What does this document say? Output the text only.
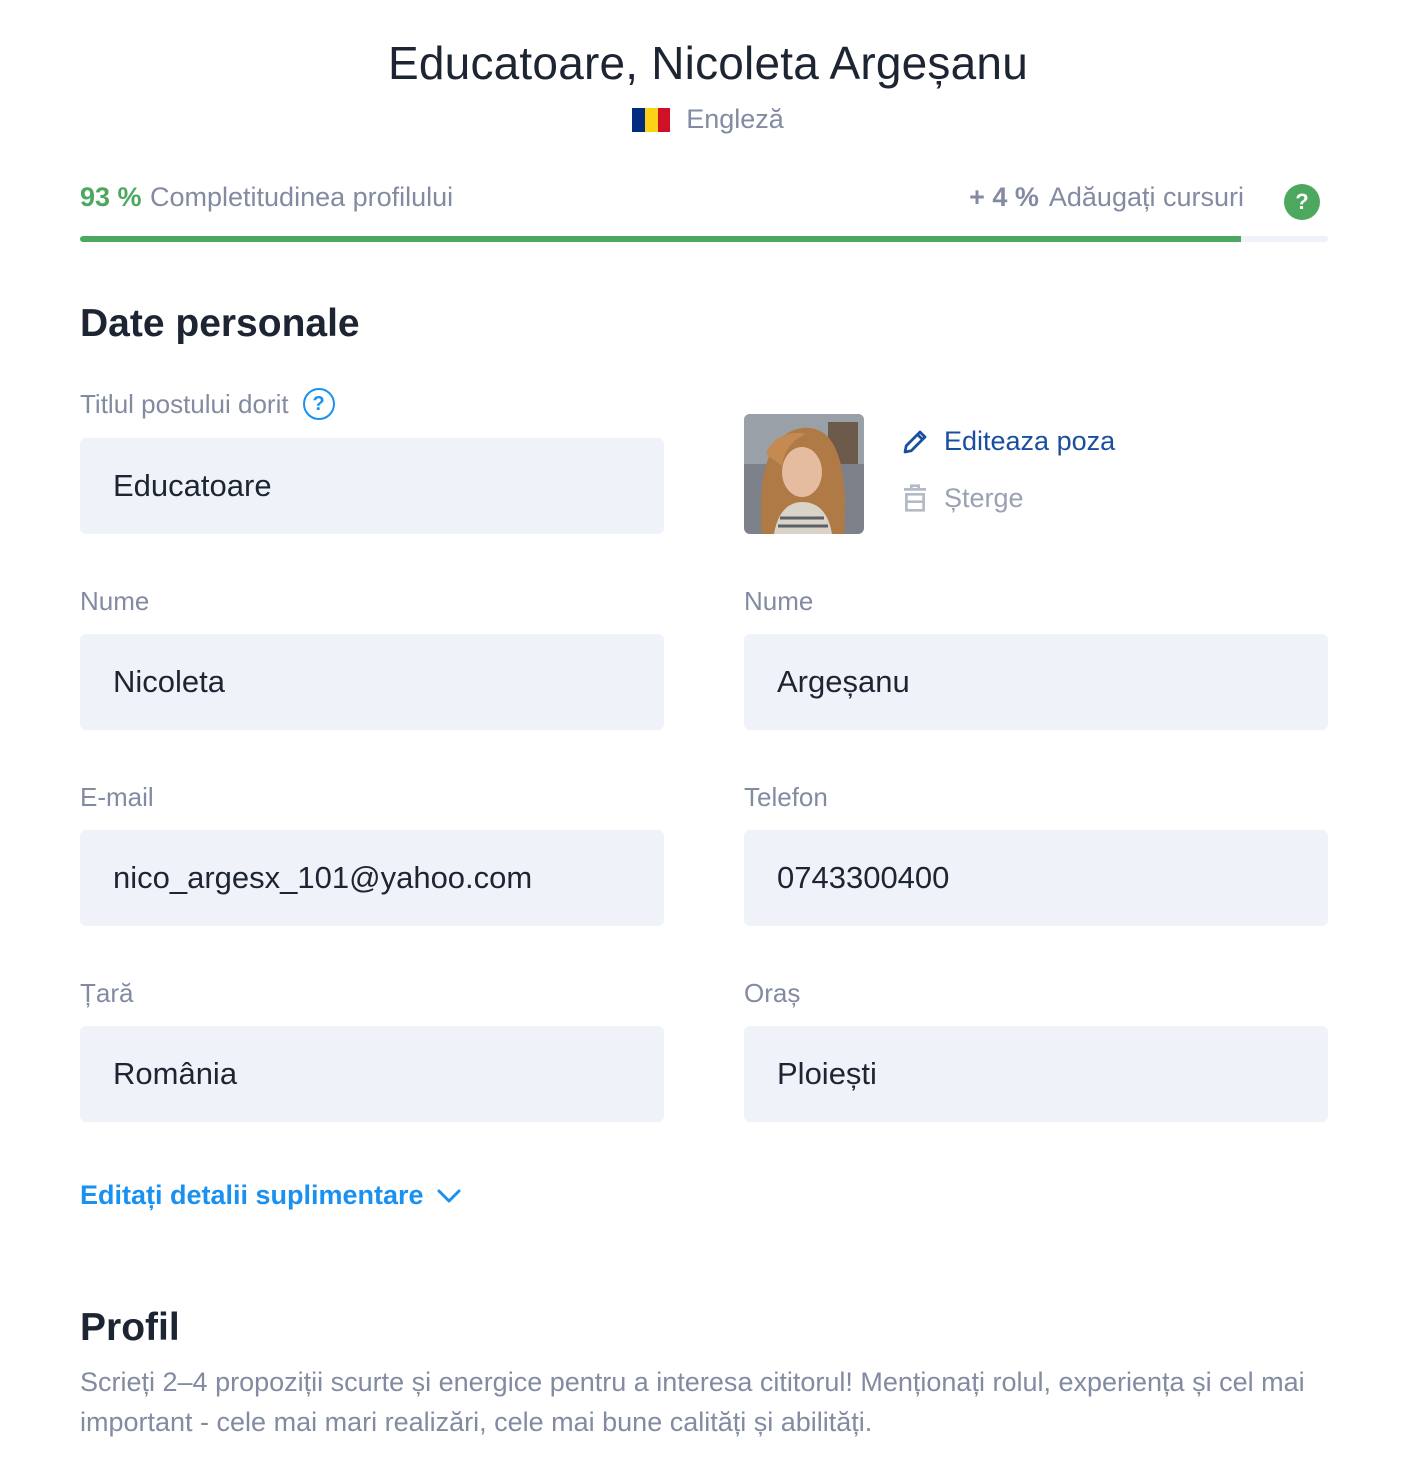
Educatoare, Nicoleta Argeșanu
Engleză
93 % Completitudinea profilului	+ 4 % Adăugați cursuri	?
Date personale
Titlul postului dorit	?
Educatoare
Editeaza poza
Șterge
Nume
Nicoleta
Nume
Argeșanu
E-mail
nico_argesx_101@yahoo.com
Telefon
0743300400
Țară
România
Oraș
Ploiești
Editați detalii suplimentare
Profil
Scrieți 2–4 propoziții scurte și energice pentru a interesa cititorul! Menționați rolul, experiența și cel mai important - cele mai mari realizări, cele mai bune calități și abilități.
